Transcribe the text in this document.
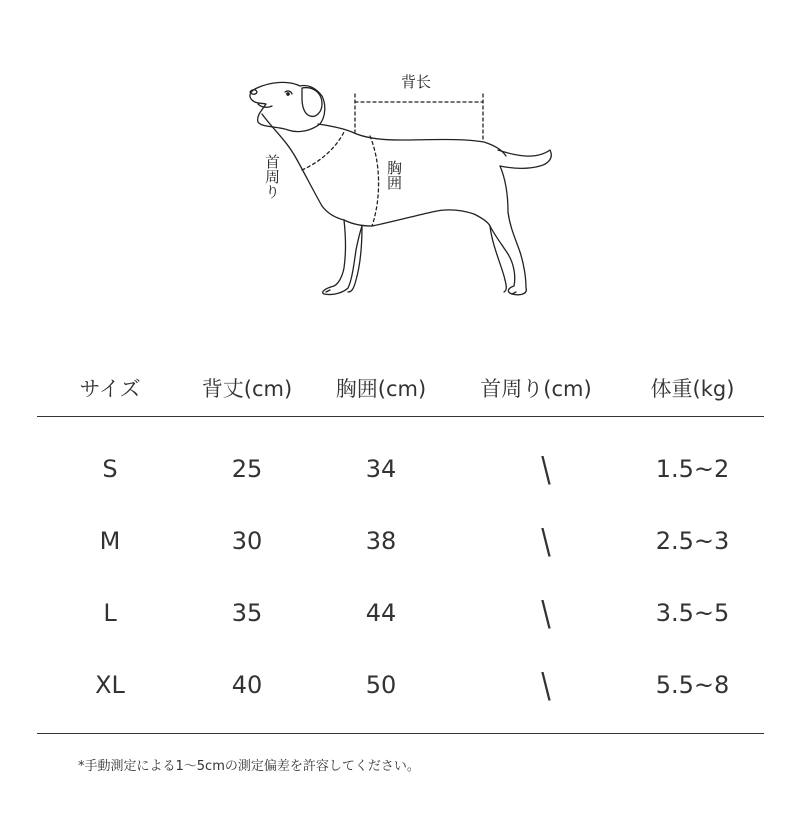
背长
首周り	胸囲
サイズ	背丈(cm)	胸囲(cm)	首周り(cm)	体重(kg)
S	25	34	\	1.5~2
M	30	38	\	2.5~3
L	35	44	\	3.5~5
XL	40	50	\	5.5~8
*手動測定による1～5cmの測定偏差を許容してください。
